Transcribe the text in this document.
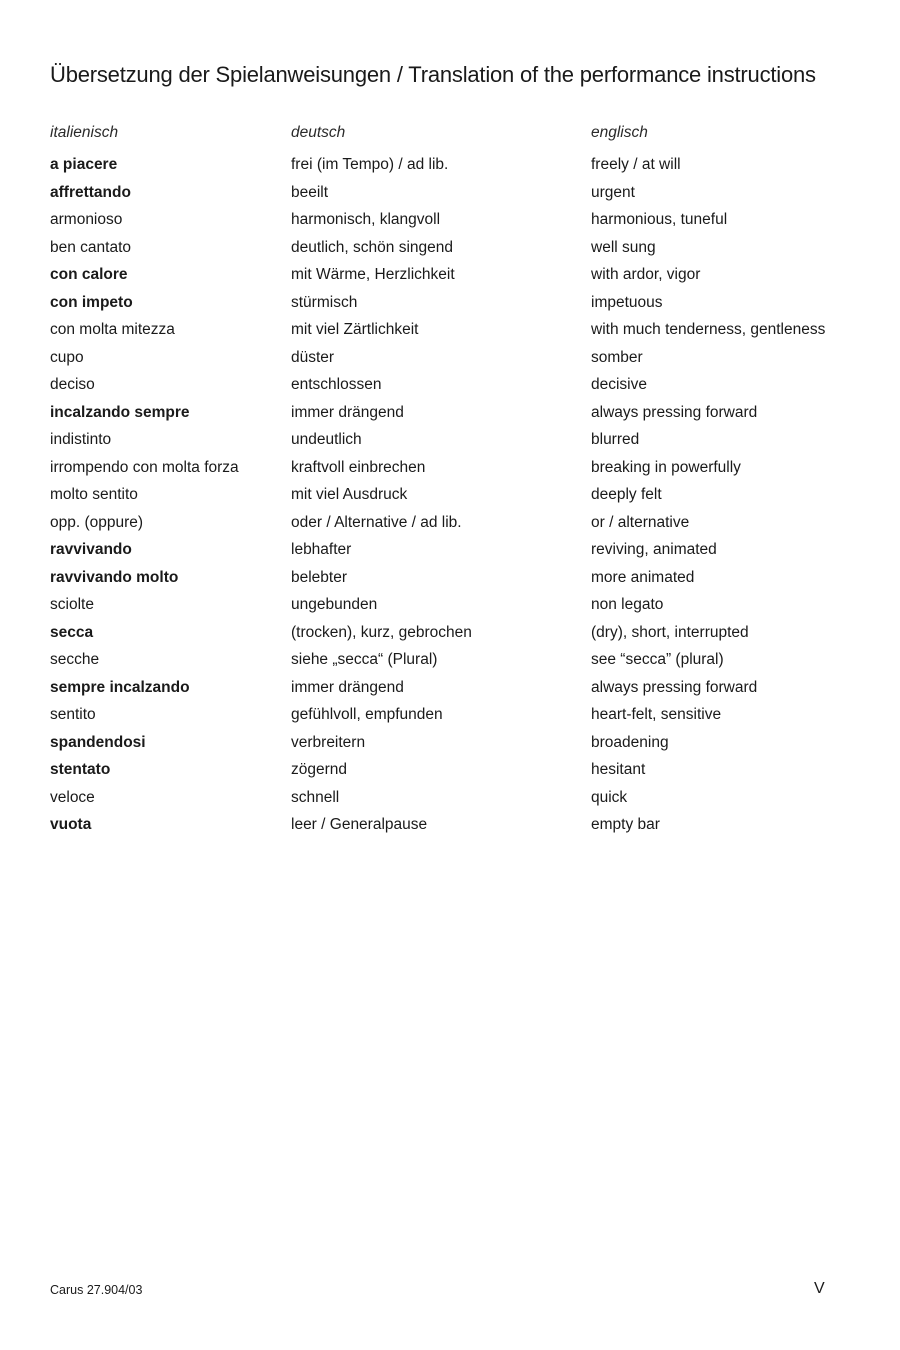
Übersetzung der Spielanweisungen / Translation of the performance instructions
italienisch	deutsch	englisch
a piacere	frei (im Tempo) / ad lib.	freely / at will
affrettando	beeilt	urgent
armonioso	harmonisch, klangvoll	harmonious, tuneful
ben cantato	deutlich, schön singend	well sung
con calore	mit Wärme, Herzlichkeit	with ardor, vigor
con impeto	stürmisch	impetuous
con molta mitezza	mit viel Zärtlichkeit	with much tenderness, gentleness
cupo	düster	somber
deciso	entschlossen	decisive
incalzando sempre	immer drängend	always pressing forward
indistinto	undeutlich	blurred
irrompendo con molta forza	kraftvoll einbrechen	breaking in powerfully
molto sentito	mit viel Ausdruck	deeply felt
opp. (oppure)	oder / Alternative / ad lib.	or / alternative
ravvivando	lebhafter	reviving, animated
ravvivando molto	belebter	more animated
sciolte	ungebunden	non legato
secca	(trocken), kurz, gebrochen	(dry), short, interrupted
secche	siehe „secca“ (Plural)	see “secca” (plural)
sempre incalzando	immer drängend	always pressing forward
sentito	gefühlvoll, empfunden	heart-felt, sensitive
spandendosi	verbreitern	broadening
stentato	zögernd	hesitant
veloce	schnell	quick
vuota	leer / Generalpause	empty bar
Carus 27.904/03	V
